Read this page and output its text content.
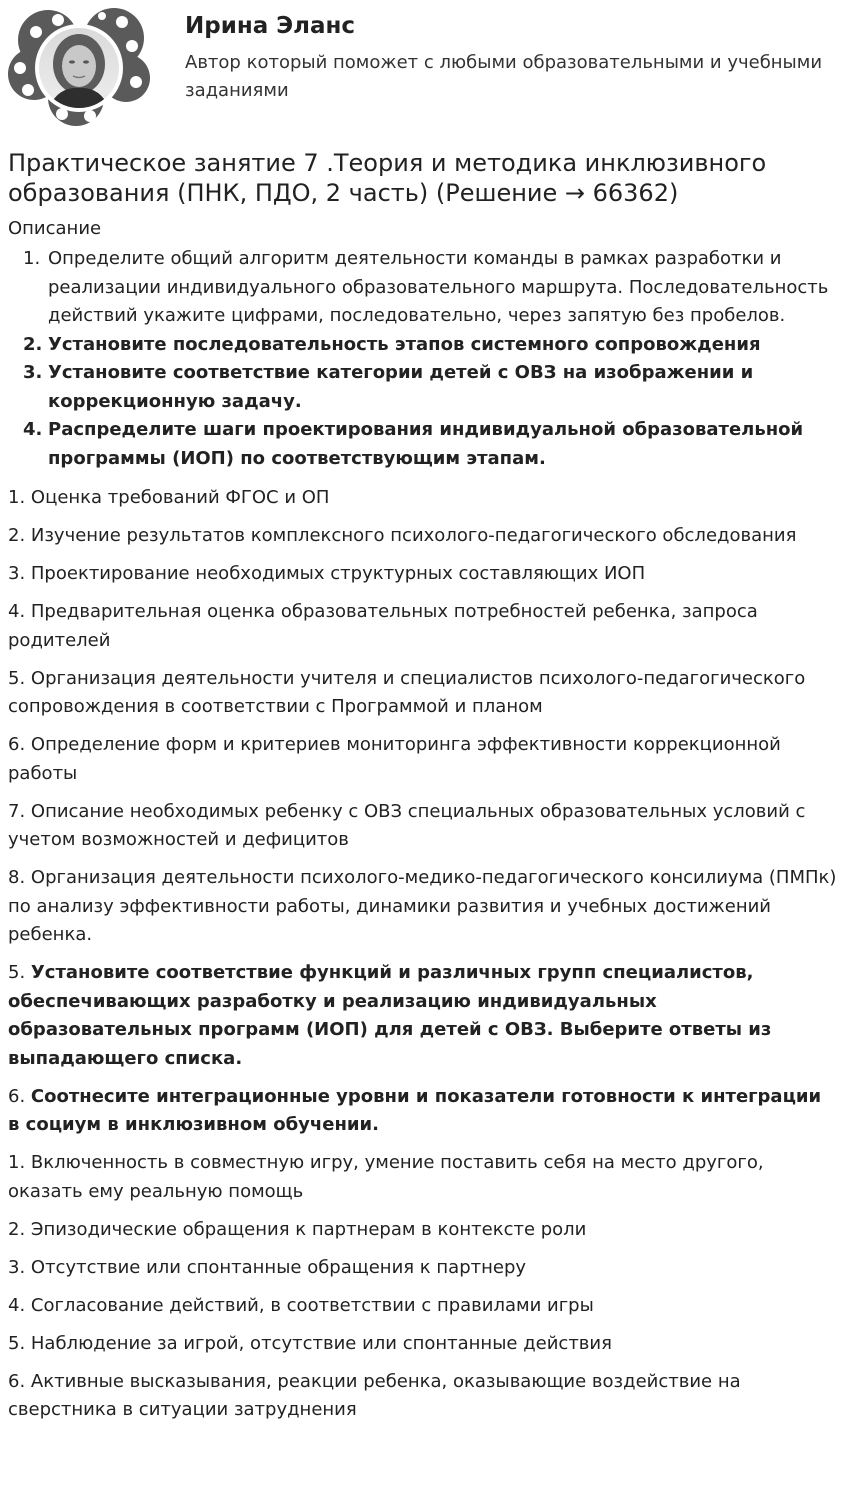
Ирина Эланс
Автор который поможет с любыми образовательными и учебными заданиями
Практическое занятие 7 .Теория и методика инклюзивного образования (ПНК, ПДО, 2 часть) (Решение → 66362)
Описание
1. Определите общий алгоритм деятельности команды в рамках разработки и реализации индивидуального образовательного маршрута. Последовательность действий укажите цифрами, последовательно, через запятую без пробелов.
2. Установите последовательность этапов системного сопровождения
3. Установите соответствие категории детей с ОВЗ на изображении и коррекционную задачу.
4. Распределите шаги проектирования индивидуальной образовательной программы (ИОП) по соответствующим этапам.

1. Оценка требований ФГОС и ОП

2. Изучение результатов комплексного психолого-педагогического обследования

3. Проектирование необходимых структурных составляющих ИОП

4. Предварительная оценка образовательных потребностей ребенка, запроса родителей

5. Организация деятельности учителя и специалистов психолого-педагогического сопровождения в соответствии с Программой и планом

6. Определение форм и критериев мониторинга эффективности коррекционной работы

7. Описание необходимых ребенку с ОВЗ специальных образовательных условий с учетом возможностей и дефицитов

8. Организация деятельности психолого-медико-педагогического консилиума (ПМПк) по анализу эффективности работы, динамики развития и учебных достижений ребенка.

5. Установите соответствие функций и различных групп специалистов, обеспечивающих разработку и реализацию индивидуальных образовательных программ (ИОП) для детей с ОВЗ. Выберите ответы из выпадающего списка.

6. Соотнесите интеграционные уровни и показатели готовности к интеграции в социум в инклюзивном обучении.

1. Включенность в совместную игру, умение поставить себя на место другого, оказать ему реальную помощь

2. Эпизодические обращения к партнерам в контексте роли

3. Отсутствие или спонтанные обращения к партнеру

4. Согласование действий, в соответствии с правилами игры

5. Наблюдение за игрой, отсутствие или спонтанные действия

6. Активные высказывания, реакции ребенка, оказывающие воздействие на сверстника в ситуации затруднения
